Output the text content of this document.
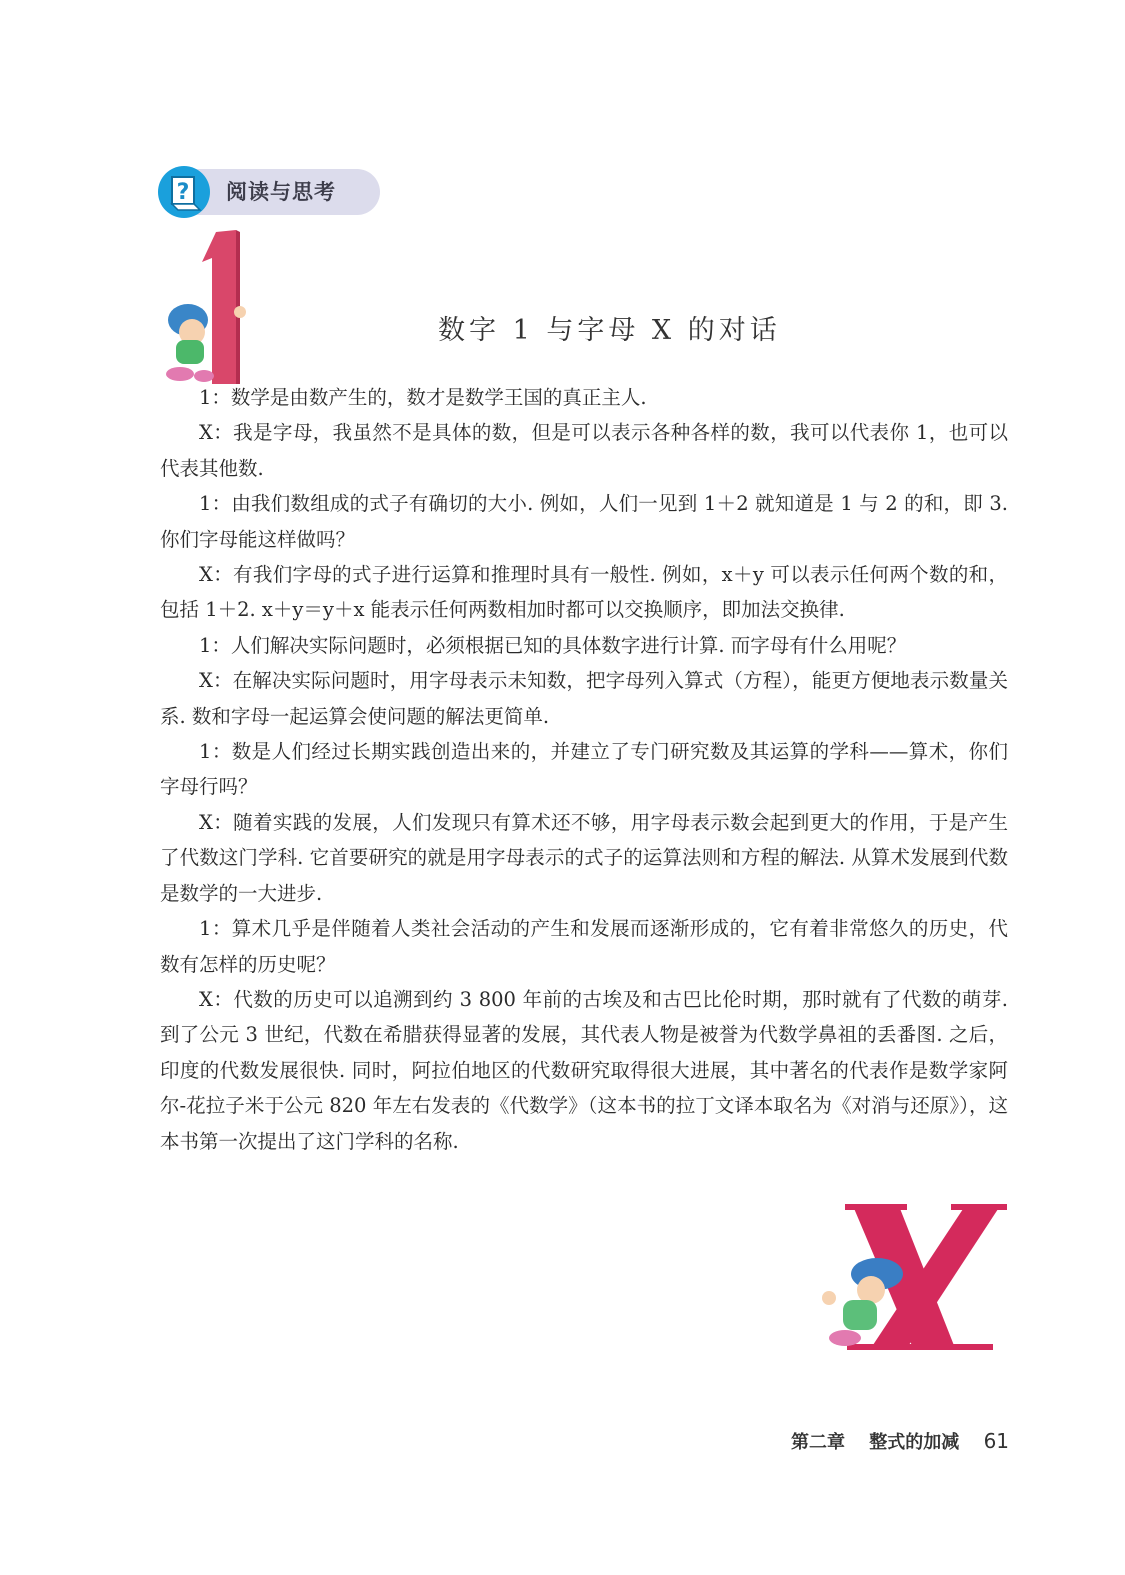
? 阅读与思考
数字 1 与字母 X 的对话

1：数学是由数产生的，数才是数学王国的真正主人.

X：我是字母，我虽然不是具体的数，但是可以表示各种各样的数，我可以代表你 1，也可以代表其他数.

1：由我们数组成的式子有确切的大小. 例如，人们一见到 1＋2 就知道是 1 与 2 的和，即 3. 你们字母能这样做吗？

X：有我们字母的式子进行运算和推理时具有一般性. 例如，x＋y 可以表示任何两个数的和，包括 1＋2. x＋y＝y＋x 能表示任何两数相加时都可以交换顺序，即加法交换律.

1：人们解决实际问题时，必须根据已知的具体数字进行计算. 而字母有什么用呢？

X：在解决实际问题时，用字母表示未知数，把字母列入算式（方程），能更方便地表示数量关系. 数和字母一起运算会使问题的解法更简单.

1：数是人们经过长期实践创造出来的，并建立了专门研究数及其运算的学科——算术，你们字母行吗？

X：随着实践的发展，人们发现只有算术还不够，用字母表示数会起到更大的作用，于是产生了代数这门学科. 它首要研究的就是用字母表示的式子的运算法则和方程的解法. 从算术发展到代数是数学的一大进步.

1：算术几乎是伴随着人类社会活动的产生和发展而逐渐形成的，它有着非常悠久的历史，代数有怎样的历史呢？

X：代数的历史可以追溯到约 3 800 年前的古埃及和古巴比伦时期，那时就有了代数的萌芽. 到了公元 3 世纪，代数在希腊获得显著的发展，其代表人物是被誉为代数学鼻祖的丢番图. 之后，印度的代数发展很快. 同时，阿拉伯地区的代数研究取得很大进展，其中著名的代表作是数学家阿尔-花拉子米于公元 820 年左右发表的《代数学》（这本书的拉丁文译本取名为《对消与还原》），这本书第一次提出了这门学科的名称.

第二章 整式的加减 61
